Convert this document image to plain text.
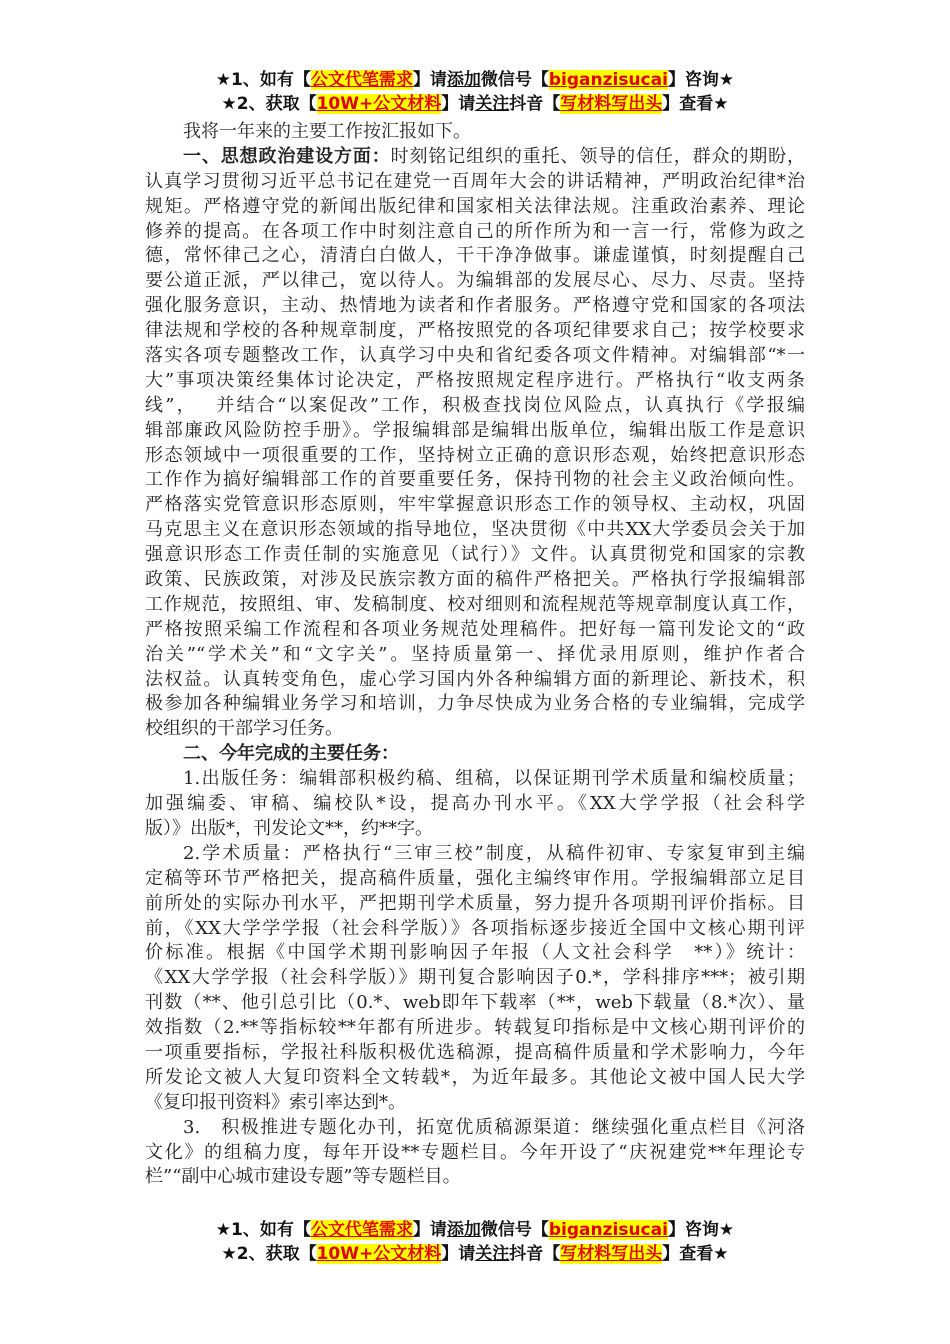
★1、如有【公文代笔需求】请添加微信号【biganzisucai】咨询★
★2、获取【10W+公文材料】请关注抖音【写材料写出头】查看★
我将一年来的主要工作按汇报如下。
一、思想政治建设方面：时刻铭记组织的重托、领导的信任，群众的期盼，
认真学习贯彻习近平总书记在建党一百周年大会的讲话精神，严明政治纪律*治
规矩。严格遵守党的新闻出版纪律和国家相关法律法规。注重政治素养、理论
修养的提高。在各项工作中时刻注意自己的所作所为和一言一行，常修为政之
德，常怀律己之心，清清白白做人，干干净净做事。谦虚谨慎，时刻提醒自己
要公道正派，严以律己，宽以待人。为编辑部的发展尽心、尽力、尽责。坚持
强化服务意识，主动、热情地为读者和作者服务。严格遵守党和国家的各项法
律法规和学校的各种规章制度，严格按照党的各项纪律要求自己；按学校要求
落实各项专题整改工作，认真学习中央和省纪委各项文件精神。对编辑部“*一
大”事项决策经集体讨论决定，严格按照规定程序进行。严格执行“收支两条
线”，　 并结合“以案促改”工作，积极查找岗位风险点，认真执行《学报编
辑部廉政风险防控手册》。学报编辑部是编辑出版单位，编辑出版工作是意识
形态领域中一项很重要的工作，坚持树立正确的意识形态观，始终把意识形态
工作作为搞好编辑部工作的首要重要任务，保持刊物的社会主义政治倾向性。
严格落实党管意识形态原则，牢牢掌握意识形态工作的领导权、主动权，巩固
马克思主义在意识形态领域的指导地位，坚决贯彻《中共XX大学委员会关于加
强意识形态工作责任制的实施意见（试行）》文件。认真贯彻党和国家的宗教
政策、民族政策，对涉及民族宗教方面的稿件严格把关。严格执行学报编辑部
工作规范，按照组、审、发稿制度、校对细则和流程规范等规章制度认真工作，
严格按照采编工作流程和各项业务规范处理稿件。把好每一篇刊发论文的“政
治关”“学术关”和“文字关”。坚持质量第一、择优录用原则，维护作者合
法权益。认真转变角色，虚心学习国内外各种编辑方面的新理论、新技术，积
极参加各种编辑业务学习和培训，力争尽快成为业务合格的专业编辑，完成学
校组织的干部学习任务。
二、今年完成的主要任务：
1.出版任务：编辑部积极约稿、组稿，以保证期刊学术质量和编校质量；
加强编委、审稿、编校队*设，提高办刊水平。《XX大学学报（社会科学
版）》出版*，刊发论文**，约**字。
2.学术质量：严格执行“三审三校”制度，从稿件初审、专家复审到主编
定稿等环节严格把关，提高稿件质量，强化主编终审作用。学报编辑部立足目
前所处的实际办刊水平，严把期刊学术质量，努力提升各项期刊评价指标。目
前，《XX大学学学报（社会科学版）》各项指标逐步接近全国中文核心期刊评
价标准。根据《中国学术期刊影响因子年报（人文社会科学　**）》统计：
《XX大学学报（社会科学版）》期刊复合影响因子0.*，学科排序***；被引期
刊数（**、他引总引比（0.*、web即年下载率（**，web下载量（8.*次）、量
效指数（2.**等指标较**年都有所进步。转载复印指标是中文核心期刊评价的
一项重要指标，学报社科版积极优选稿源，提高稿件质量和学术影响力，今年
所发论文被人大复印资料全文转载*，为近年最多。其他论文被中国人民大学
《复印报刊资料》索引率达到*。
3.　积极推进专题化办刊，拓宽优质稿源渠道：继续强化重点栏目《河洛
文化》的组稿力度，每年开设**专题栏目。今年开设了“庆祝建党**年理论专
栏”“副中心城市建设专题”等专题栏目。
★1、如有【公文代笔需求】请添加微信号【biganzisucai】咨询★
★2、获取【10W+公文材料】请关注抖音【写材料写出头】查看★
